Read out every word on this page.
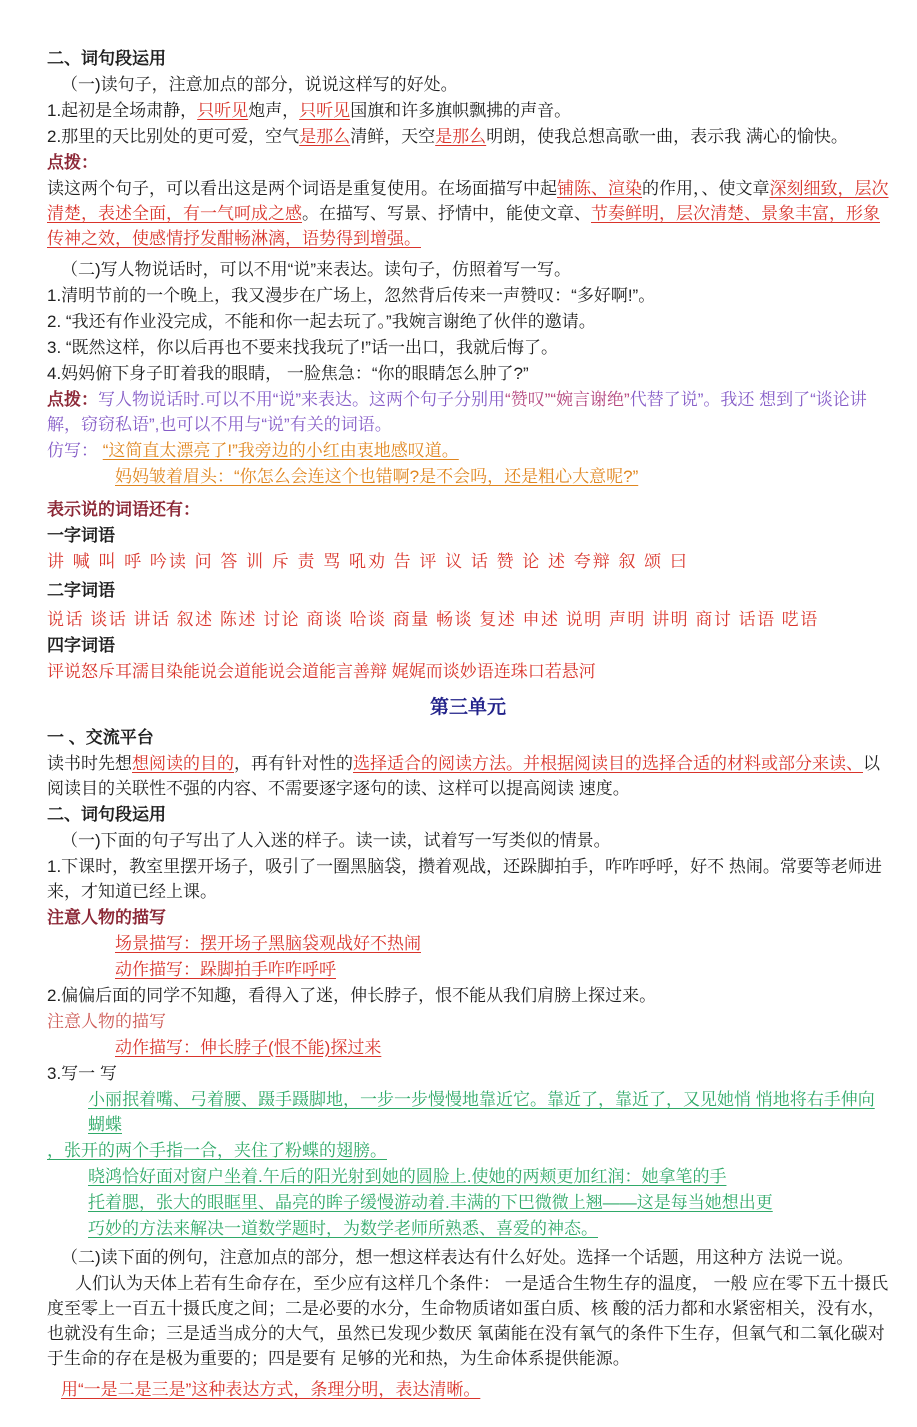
二、词句段运用
（一)读句子，注意加点的部分，说说这样写的好处。
1.起初是全场肃静，只听见炮声，只听见国旗和许多旗帜飘拂的声音。
2.那里的天比别处的更可爱，空气是那么清鲜，天空是那么明朗，使我总想高歌一曲，表示我 满心的愉快。
点拨：
读这两个句子，可以看出这是两个词语是重复使用。在场面描写中起铺陈、渲染的作用，、使文章深刻细致，层次清楚，表述全面，有一气呵成之感。在描写、写景、抒情中，能使文章、节奏鲜明，层次清楚、景象丰富，形象传神之效，使感情抒发酣畅淋漓，语势得到增强。
（二)写人物说话时，可以不用“说”来表达。读句子，仿照着写一写。
1.清明节前的一个晚上，我又漫步在广场上，忽然背后传来一声赞叹：“多好啊!”。
2. “我还有作业没完成，不能和你一起去玩了。”我婉言谢绝了伙伴的邀请。
3. “既然这样，你以后再也不要来找我玩了!”话一出口，我就后悔了。
4.妈妈俯下身子盯着我的眼睛， 一脸焦急：“你的眼睛怎么肿了?”
点拨：写人物说话时.可以不用“说”来表达。这两个句子分别用“赞叹”“婉言谢绝”代替了说”。我还 想到了“谈论讲解，窃窃私语”,也可以不用与“说”有关的词语。
仿写： “这简直太漂亮了!”我旁边的小红由衷地感叹道。
妈妈皱着眉头：“你怎么会连这个也错啊?是不会吗，还是粗心大意呢?”
表示说的词语还有：
一字词语
讲 喊 叫 呼 吟读 问 答 训 斥 责 骂 吼劝 告 评 议 话 赞 论 述 夸辩 叙 颂 曰
二字词语
说话 谈话 讲话 叙述 陈述 讨论 商谈 哈谈 商量 畅谈 复述 申述 说明 声明 讲明 商讨 话语 呓语
四字词语
评说怒斥耳濡目染能说会道能说会道能言善辩 娓娓而谈妙语连珠口若悬河
第三单元
一 、交流平台
读书时先想想阅读的目的，再有针对性的选择适合的阅读方法。并根据阅读目的选择合适的材料或部分来读、以阅读目的关联性不强的内容、不需要逐字逐句的读、这样可以提高阅读 速度。
二、词句段运用
（一)下面的句子写出了人入迷的样子。读一读，试着写一写类似的情景。
1.下课时，教室里摆开场子，吸引了一圈黑脑袋，攒着观战，还跺脚拍手，咋咋呼呼，好不 热闹。常要等老师进来，才知道已经上课。
注意人物的描写
场景描写：摆开场子黑脑袋观战好不热闹
动作描写：跺脚拍手咋咋呼呼
2.偏偏后面的同学不知趣，看得入了迷，伸长脖子，恨不能从我们肩膀上探过来。
注意人物的描写
动作描写：伸长脖子(恨不能)探过来
3.写一 写
小丽抿着嘴、弓着腰、蹑手蹑脚地，一步一步慢慢地靠近它。靠近了，靠近了，又见她悄 悄地将右手伸向蝴蝶
，张开的两个手指一合，夹住了粉蝶的翅膀。
晓鸿恰好面对窗户坐着.午后的阳光射到她的圆脸上.使她的两颊更加红润：她拿笔的手
托着腮，张大的眼眶里、晶亮的眸子缓慢游动着.丰满的下巴微微上翘——这是每当她想出更
巧妙的方法来解决一道数学题时，为数学老师所熟悉、喜爱的神态。
（二)读下面的例句，注意加点的部分，想一想这样表达有什么好处。选择一个话题，用这种方 法说一说。
人们认为天体上若有生命存在，至少应有这样几个条件： 一是适合生物生存的温度， 一般 应在零下五十摄氏度至零上一百五十摄氏度之间；二是必要的水分，生命物质诸如蛋白质、核 酸的活力都和水紧密相关，没有水，也就没有生命；三是适当成分的大气，虽然已发现少数厌 氧菌能在没有氧气的条件下生存，但氧气和二氧化碳对于生命的存在是极为重要的；四是要有 足够的光和热，为生命体系提供能源。
用“一是二是三是”这种表达方式，条理分明，表达清晰。
